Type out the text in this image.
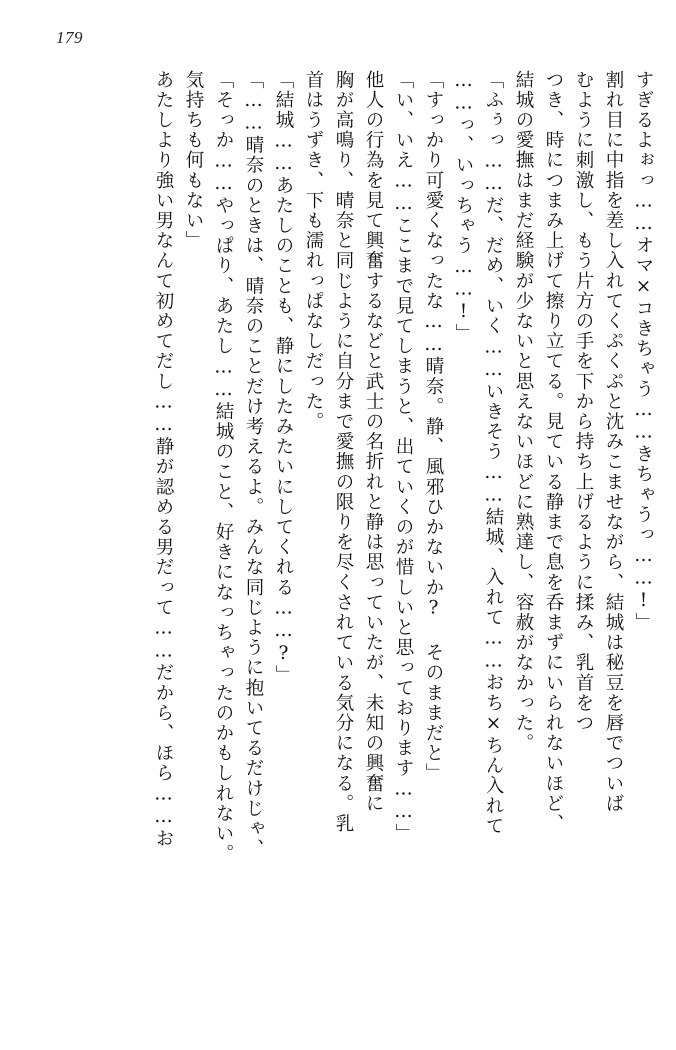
179
すぎるよぉっ……オマ×コきちゃう……きちゃうっ……!」
割れ目に中指を差し入れてくぷくぷと沈みこませながら、結城は秘豆を唇でついば
むように刺激し、もう片方の手を下から持ち上げるように揉み、乳首をつ
つき、時につまみ上げて擦り立てる。見ている静まで息を呑まずにいられないほど、
結城の愛撫はまだ経験が少ないと思えないほどに熟達し、容赦がなかった。
「ふぅっ……だ、だめ、いく……いきそう……結城、入れて……おち×ちん入れて
……っ、いっちゃう……!」
「すっかり可愛くなったな……晴奈。静、風邪ひかないか? そのままだと」
「い、いえ……ここまで見てしまうと、出ていくのが惜しいと思っております……」
他人の行為を見て興奮するなどと武士の名折れと静は思っていたが、未知の興奮に
胸が高鳴り、晴奈と同じように自分まで愛撫の限りを尽くされている気分になる。乳
首はうずき、下も濡れっぱなしだった。
「結城……あたしのことも、静にしたみたいにしてくれる……?」
「……晴奈のときは、晴奈のことだけ考えるよ。みんな同じように抱いてるだけじゃ、
「そっか……やっぱり、あたし……結城のこと、好きになっちゃったのかもしれない。
気持ちも何もない」
あたしより強い男なんて初めてだし……静が認める男だって……だから、ほら……お
